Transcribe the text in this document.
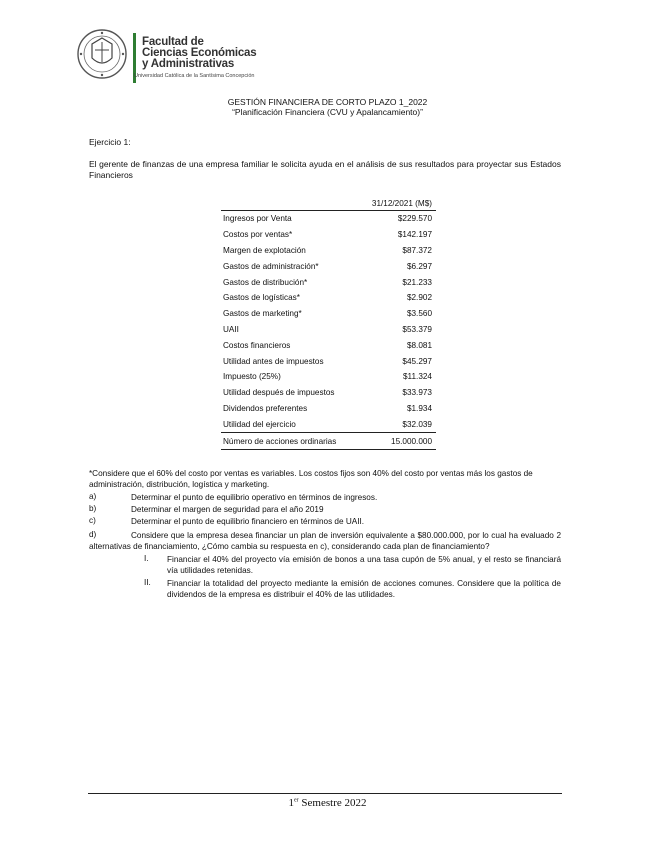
Facultad de
Ciencias Económicas
y Administrativas
Universidad Católica de la Santísima Concepción
GESTIÓN FINANCIERA DE CORTO PLAZO 1_2022
“Planificación Financiera (CVU y Apalancamiento)”
Ejercicio 1:
El gerente de finanzas de una empresa familiar le solicita ayuda en el análisis de sus resultados para proyectar sus Estados Financieros
	31/12/2021 (M$)
Ingresos por Venta	$229.570
Costos por ventas*	$142.197
Margen de explotación	$87.372
Gastos de administración*	$6.297
Gastos de distribución*	$21.233
Gastos de logísticas*	$2.902
Gastos de marketing*	$3.560
UAII	$53.379
Costos financieros	$8.081
Utilidad antes de impuestos	$45.297
Impuesto (25%)	$11.324
Utilidad después de impuestos	$33.973
Dividendos preferentes	$1.934
Utilidad del ejercicio	$32.039
Número de acciones ordinarias	15.000.000
*Considere que el 60% del costo por ventas es variables. Los costos fijos son 40% del costo por ventas más los gastos de administración, distribución, logística y marketing.
a)	Determinar el punto de equilibrio operativo en términos de ingresos.
b)	Determinar el margen de seguridad para el año 2019
c)	Determinar el punto de equilibrio financiero en términos de UAII.
d)	Considere que la empresa desea financiar un plan de inversión equivalente a $80.000.000, por lo cual ha evaluado 2 alternativas de financiamiento, ¿Cómo cambia su respuesta en c), considerando cada plan de financiamiento?
I. Financiar el 40% del proyecto vía emisión de bonos a una tasa cupón de 5% anual, y el resto se financiará vía utilidades retenidas.
II. Financiar la totalidad del proyecto mediante la emisión de acciones comunes. Considere que la política de dividendos de la empresa es distribuir el 40% de las utilidades.
1er Semestre 2022
